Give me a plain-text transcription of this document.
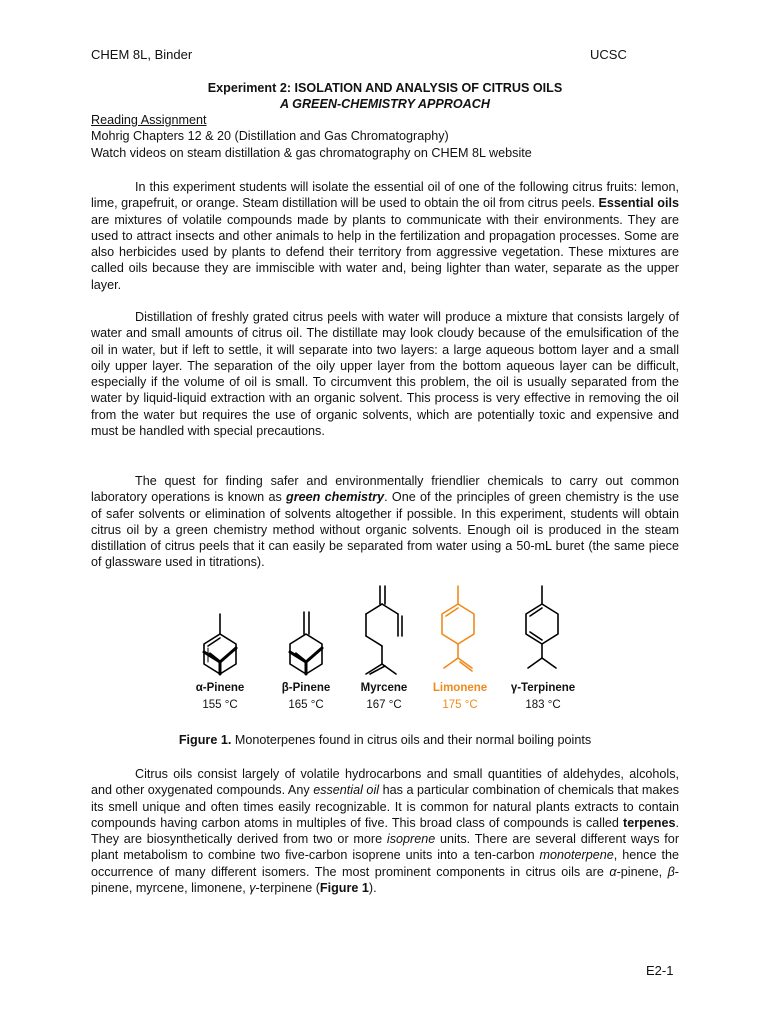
CHEM 8L, Binder	UCSC
Experiment 2: ISOLATION AND ANALYSIS OF CITRUS OILS
A GREEN-CHEMISTRY APPROACH
Reading Assignment
Mohrig Chapters 12 & 20 (Distillation and Gas Chromatography)
Watch videos on steam distillation & gas chromatography on CHEM 8L website
In this experiment students will isolate the essential oil of one of the following citrus fruits: lemon, lime, grapefruit, or orange. Steam distillation will be used to obtain the oil from citrus peels. Essential oils are mixtures of volatile compounds made by plants to communicate with their environments. They are used to attract insects and other animals to help in the fertilization and propagation processes. Some are also herbicides used by plants to defend their territory from aggressive vegetation. These mixtures are called oils because they are immiscible with water and, being lighter than water, separate as the upper layer.
Distillation of freshly grated citrus peels with water will produce a mixture that consists largely of water and small amounts of citrus oil. The distillate may look cloudy because of the emulsification of the oil in water, but if left to settle, it will separate into two layers: a large aqueous bottom layer and a small oily upper layer. The separation of the oily upper layer from the bottom aqueous layer can be difficult, especially if the volume of oil is small. To circumvent this problem, the oil is usually separated from the water by liquid-liquid extraction with an organic solvent. This process is very effective in removing the oil from the water but requires the use of organic solvents, which are potentially toxic and expensive and must be handled with special precautions.
The quest for finding safer and environmentally friendlier chemicals to carry out common laboratory operations is known as green chemistry. One of the principles of green chemistry is the use of safer solvents or elimination of solvents altogether if possible. In this experiment, students will obtain citrus oil by a green chemistry method without organic solvents. Enough oil is produced in the steam distillation of citrus peels that it can easily be separated from water using a 50-mL buret (the same piece of glassware used in titrations).
α-Pinene
155 °C
β-Pinene
165 °C
Myrcene
167 °C
Limonene
175 °C
γ-Terpinene
183 °C
Figure 1. Monoterpenes found in citrus oils and their normal boiling points
Citrus oils consist largely of volatile hydrocarbons and small quantities of aldehydes, alcohols, and other oxygenated compounds. Any essential oil has a particular combination of chemicals that makes its smell unique and often times easily recognizable. It is common for natural plants extracts to contain compounds having carbon atoms in multiples of five. This broad class of compounds is called terpenes. They are biosynthetically derived from two or more isoprene units. There are several different ways for plant metabolism to combine two five-carbon isoprene units into a ten-carbon monoterpene, hence the occurrence of many different isomers. The most prominent components in citrus oils are α-pinene, β-pinene, myrcene, limonene, γ-terpinene (Figure 1).
E2-1
